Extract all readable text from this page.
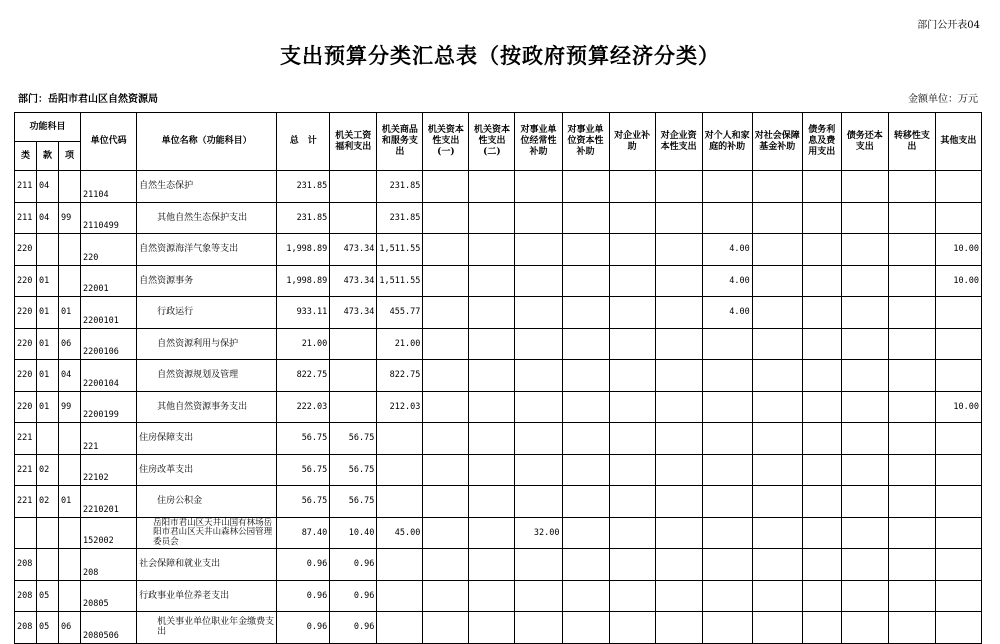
部门公开表04
支出预算分类汇总表（按政府预算经济分类）
部门：岳阳市君山区自然资源局	金额单位：万元
功能科目			单位代码	单位名称（功能科目）	总　计	机关工资福利支出	机关商品和服务支出	机关资本性支出(一)	机关资本性支出(二)	对事业单位经常性补助	对事业单位资本性补助	对企业补助	对企业资本性支出	对个人和家庭的补助	对社会保障基金补助	债务利息及费用支出	债务还本支出	转移性支出	其他支出
类	款	项																	
211	04		21104	自然生态保护	231.85		231.85												
211	04	99	2110499	其他自然生态保护支出	231.85		231.85												
220			220	自然资源海洋气象等支出	1,998.89	473.34	1,511.55							4.00					10.00
220	01		22001	自然资源事务	1,998.89	473.34	1,511.55							4.00					10.00
220	01	01	2200101	行政运行	933.11	473.34	455.77							4.00					
220	01	06	2200106	自然资源利用与保护	21.00		21.00												
220	01	04	2200104	自然资源规划及管理	822.75		822.75												
220	01	99	2200199	其他自然资源事务支出	222.03		212.03												10.00
221			221	住房保障支出	56.75	56.75													
221	02		22102	住房改革支出	56.75	56.75													
221	02	01	2210201	住房公积金	56.75	56.75													
			152002	岳阳市君山区天井山国有林场岳阳市君山区天井山森林公园管理委员会	87.40	10.40	45.00			32.00									
208			208	社会保障和就业支出	0.96	0.96													
208	05		20805	行政事业单位养老支出	0.96	0.96													
208	05	06	2080506	机关事业单位职业年金缴费支出	0.96	0.96													
